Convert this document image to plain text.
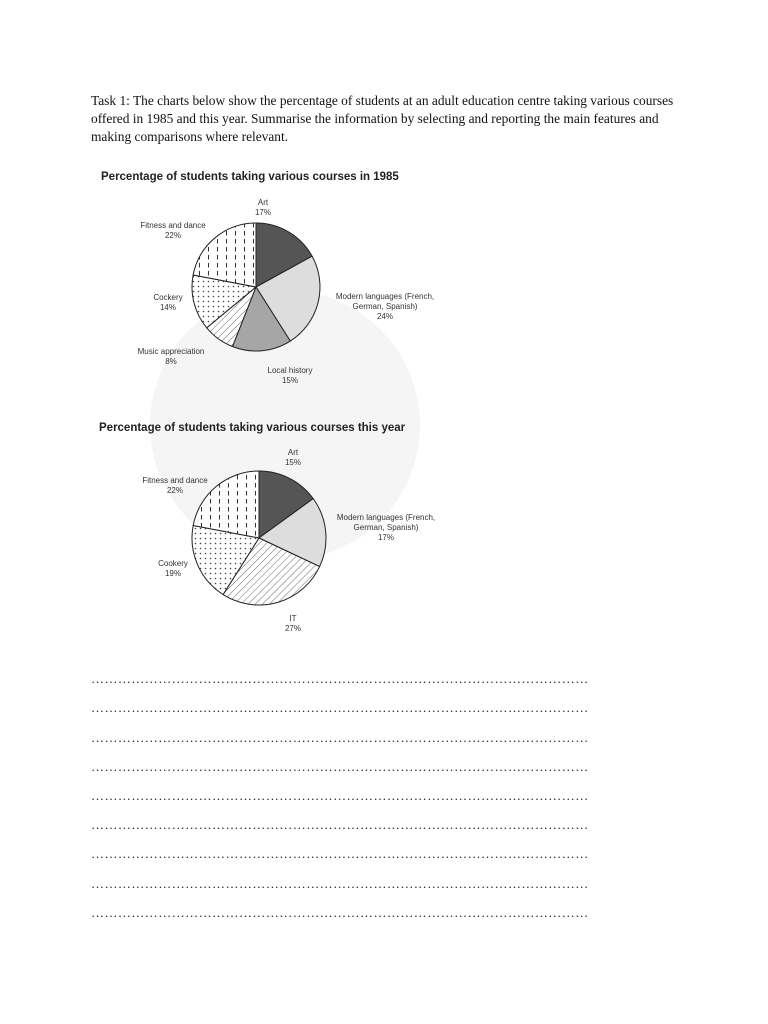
Task 1: The charts below show the percentage of students at an adult education centre taking various courses offered in 1985 and this year. Summarise the information by selecting and reporting the main features and making comparisons where relevant.
Percentage of students taking various courses in 1985
Art
17%
Modern languages (French, German, Spanish)
24%
Local history
15%
Music appreciation
8%
Cockery
14%
Fitness and dance
22%
Percentage of students taking various courses this year
Art
15%
Modern languages (French, German, Spanish)
17%
IT
27%
Cookery
19%
Fitness and dance
22%
…………………………………………………………………………………………………
…………………………………………………………………………………………………
…………………………………………………………………………………………………
…………………………………………………………………………………………………
…………………………………………………………………………………………………
…………………………………………………………………………………………………
…………………………………………………………………………………………………
…………………………………………………………………………………………………
…………………………………………………………………………………………………
